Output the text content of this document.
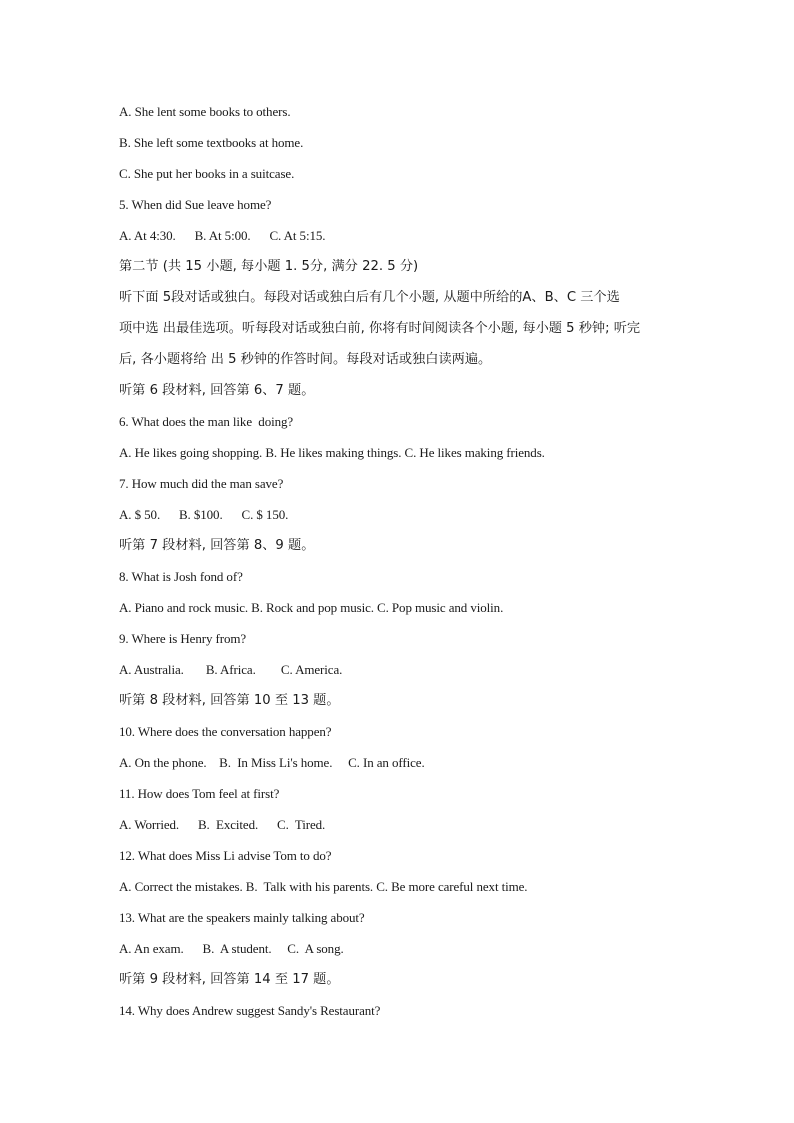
A. She lent some books to others.
B. She left some textbooks at home.
C. She put her books in a suitcase.
5. When did Sue leave home?
A. At 4:30.      B. At 5:00.      C. At 5:15.
第二节 (共 15 小题, 每小题 1. 5分, 满分 22. 5 分)
听下面 5段对话或独白。每段对话或独白后有几个小题, 从题中所给的A、B、C 三个选
项中选 出最佳选项。听每段对话或独白前, 你将有时间阅读各个小题, 每小题 5 秒钟; 听完
后, 各小题将给 出 5 秒钟的作答时间。每段对话或独白读两遍。
听第 6 段材料, 回答第 6、7 题。
6. What does the man like  doing?
A. He likes going shopping. B. He likes making things. C. He likes making friends.
7. How much did the man save?
A. $ 50.      B. $100.      C. $ 150.
听第 7 段材料, 回答第 8、9 题。
8. What is Josh fond of?
A. Piano and rock music. B. Rock and pop music. C. Pop music and violin.
9. Where is Henry from?
A. Australia.       B. Africa.        C. America.
听第 8 段材料, 回答第 10 至 13 题。
10. Where does the conversation happen?
A. On the phone.    B.  In Miss Li's home.     C. In an office.
11. How does Tom feel at first?
A. Worried.      B.  Excited.      C.  Tired.
12. What does Miss Li advise Tom to do?
A. Correct the mistakes. B.  Talk with his parents. C. Be more careful next time.
13. What are the speakers mainly talking about?
A. An exam.      B.  A student.     C.  A song.
听第 9 段材料, 回答第 14 至 17 题。
14. Why does Andrew suggest Sandy's Restaurant?
